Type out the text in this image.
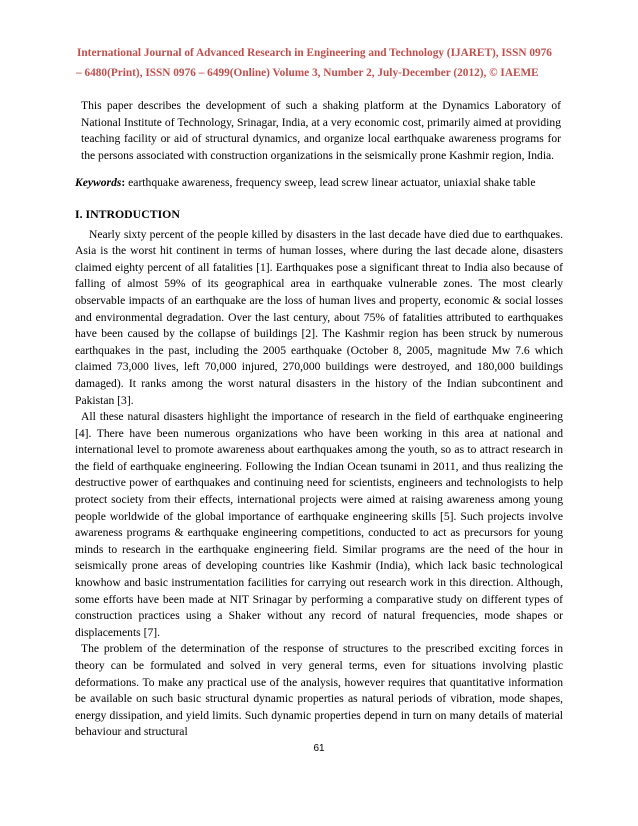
International Journal of Advanced Research in Engineering and Technology (IJARET), ISSN 0976
– 6480(Print), ISSN 0976 – 6499(Online) Volume 3, Number 2, July-December (2012), © IAEME

This paper describes the development of such a shaking platform at the Dynamics Laboratory of National Institute of Technology, Srinagar, India, at a very economic cost, primarily aimed at providing teaching facility or aid of structural dynamics, and organize local earthquake awareness programs for the persons associated with construction organizations in the seismically prone Kashmir region, India.

Keywords: earthquake awareness, frequency sweep, lead screw linear actuator, uniaxial shake table

I. INTRODUCTION

Nearly sixty percent of the people killed by disasters in the last decade have died due to earthquakes. Asia is the worst hit continent in terms of human losses, where during the last decade alone, disasters claimed eighty percent of all fatalities [1]. Earthquakes pose a significant threat to India also because of falling of almost 59% of its geographical area in earthquake vulnerable zones. The most clearly observable impacts of an earthquake are the loss of human lives and property, economic & social losses and environmental degradation. Over the last century, about 75% of fatalities attributed to earthquakes have been caused by the collapse of buildings [2]. The Kashmir region has been struck by numerous earthquakes in the past, including the 2005 earthquake (October 8, 2005, magnitude Mw 7.6 which claimed 73,000 lives, left 70,000 injured, 270,000 buildings were destroyed, and 180,000 buildings damaged). It ranks among the worst natural disasters in the history of the Indian subcontinent and Pakistan [3].

All these natural disasters highlight the importance of research in the field of earthquake engineering [4]. There have been numerous organizations who have been working in this area at national and international level to promote awareness about earthquakes among the youth, so as to attract research in the field of earthquake engineering. Following the Indian Ocean tsunami in 2011, and thus realizing the destructive power of earthquakes and continuing need for scientists, engineers and technologists to help protect society from their effects, international projects were aimed at raising awareness among young people worldwide of the global importance of earthquake engineering skills [5]. Such projects involve awareness programs & earthquake engineering competitions, conducted to act as precursors for young minds to research in the earthquake engineering field. Similar programs are the need of the hour in seismically prone areas of developing countries like Kashmir (India), which lack basic technological knowhow and basic instrumentation facilities for carrying out research work in this direction. Although, some efforts have been made at NIT Srinagar by performing a comparative study on different types of construction practices using a Shaker without any record of natural frequencies, mode shapes or displacements [7].

The problem of the determination of the response of structures to the prescribed exciting forces in theory can be formulated and solved in very general terms, even for situations involving plastic deformations. To make any practical use of the analysis, however requires that quantitative information be available on such basic structural dynamic properties as natural periods of vibration, mode shapes, energy dissipation, and yield limits. Such dynamic properties depend in turn on many details of material behaviour and structural

61
